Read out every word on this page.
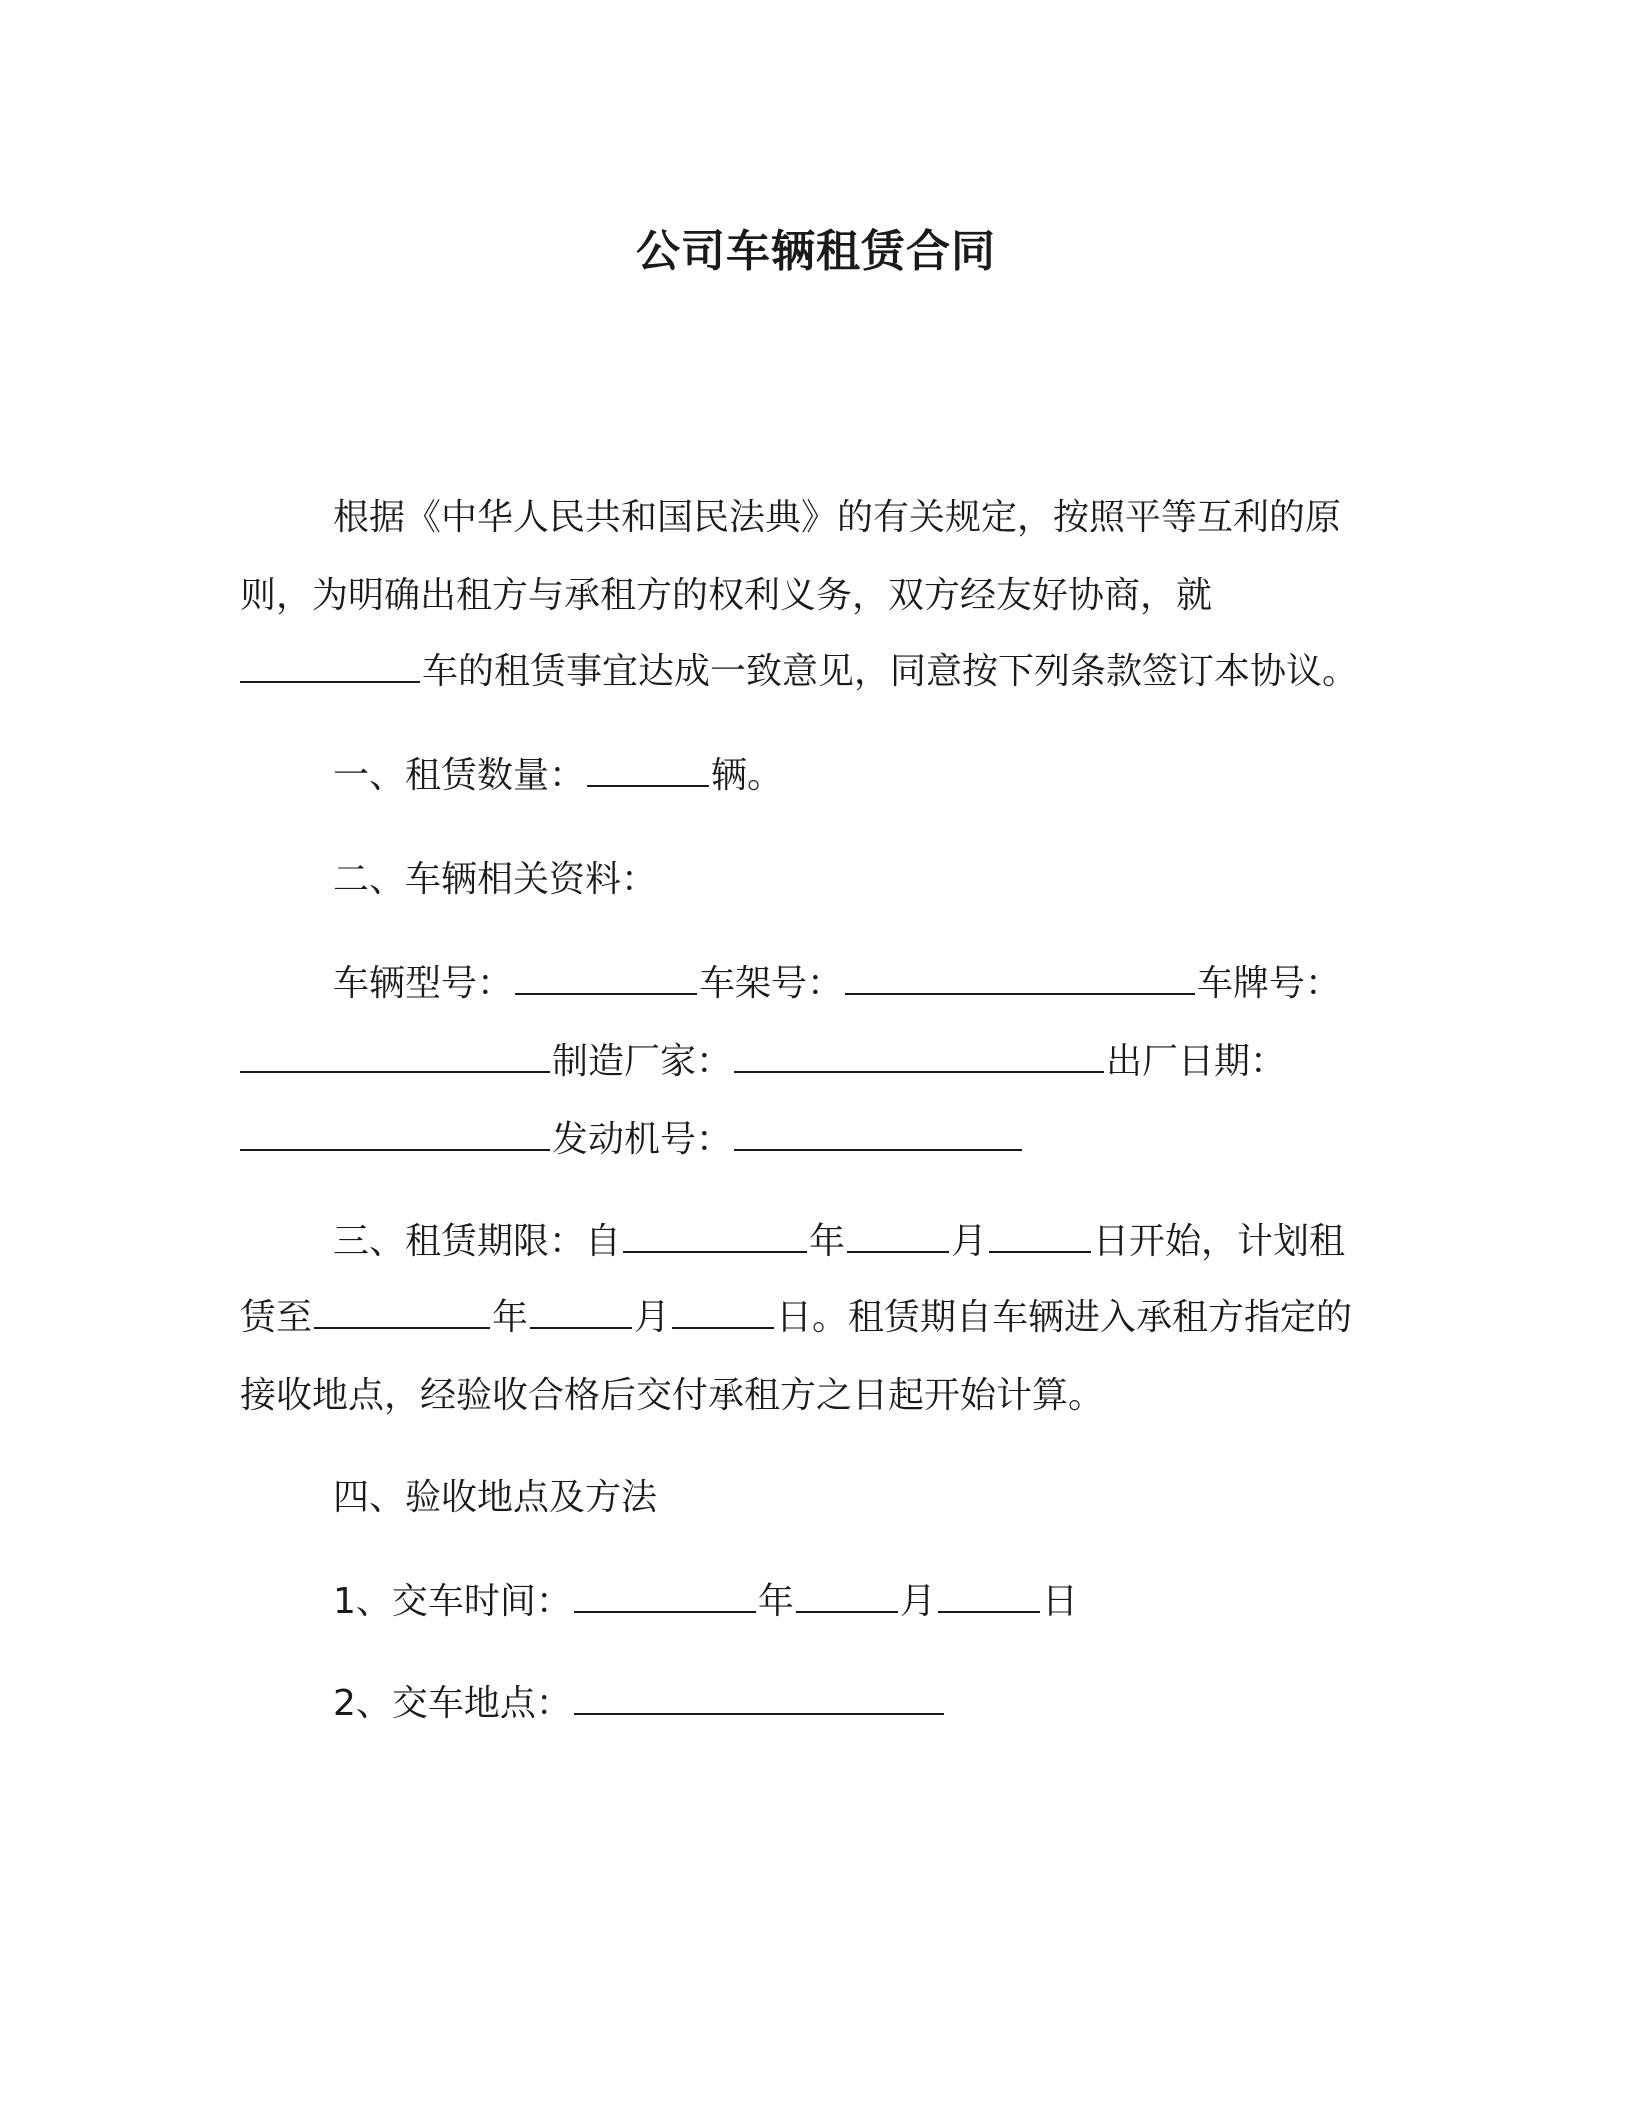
公司车辆租赁合同
根据《中华人民共和国民法典》的有关规定，按照平等互利的原
则，为明确出租方与承租方的权利义务，双方经友好协商，就
车的租赁事宜达成一致意见，同意按下列条款签订本协议。
一、租赁数量：	辆。
二、车辆相关资料：
车辆型号：	车架号：	车牌号：
制造厂家：	出厂日期：
发动机号：
三、租赁期限：自	年	月	日开始，计划租
赁至	年	月	日。租赁期自车辆进入承租方指定的
接收地点，经验收合格后交付承租方之日起开始计算。
四、验收地点及方法
1、交车时间：	年	月	日
2、交车地点：
